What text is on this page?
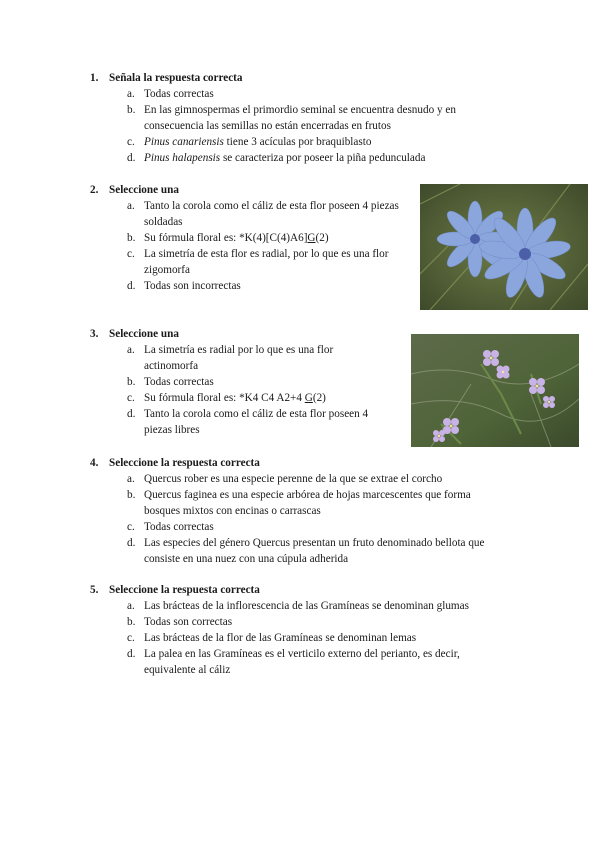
1. Señala la respuesta correcta
a. Todas correctas
b. En las gimnospermas el primordio seminal se encuentra desnudo y en consecuencia las semillas no están encerradas en frutos
c. Pinus canariensis tiene 3 acículas por braquiblasto
d. Pinus halapensis se caracteriza por poseer la piña pedunculada
2. Seleccione una
a. Tanto la corola como el cáliz de esta flor poseen 4 piezas soldadas
b. Su fórmula floral es: *K(4)[C(4)A6]G(2)
c. La simetría de esta flor es radial, por lo que es una flor zigomorfa
d. Todas son incorrectas
3. Seleccione una
a. La simetría es radial por lo que es una flor actinomorfa
b. Todas correctas
c. Su fórmula floral es: *K4 C4 A2+4 G(2)
d. Tanto la corola como el cáliz de esta flor poseen 4 piezas libres
4. Seleccione la respuesta correcta
a. Quercus rober es una especie perenne de la que se extrae el corcho
b. Quercus faginea es una especie arbórea de hojas marcescentes que forma bosques mixtos con encinas o carrascas
c. Todas correctas
d. Las especies del género Quercus presentan un fruto denominado bellota que consiste en una nuez con una cúpula adherida
5. Seleccione la respuesta correcta
a. Las brácteas de la inflorescencia de las Gramíneas se denominan glumas
b. Todas son correctas
c. Las brácteas de la flor de las Gramíneas se denominan lemas
d. La palea en las Gramíneas es el verticilo externo del perianto, es decir, equivalente al cáliz
